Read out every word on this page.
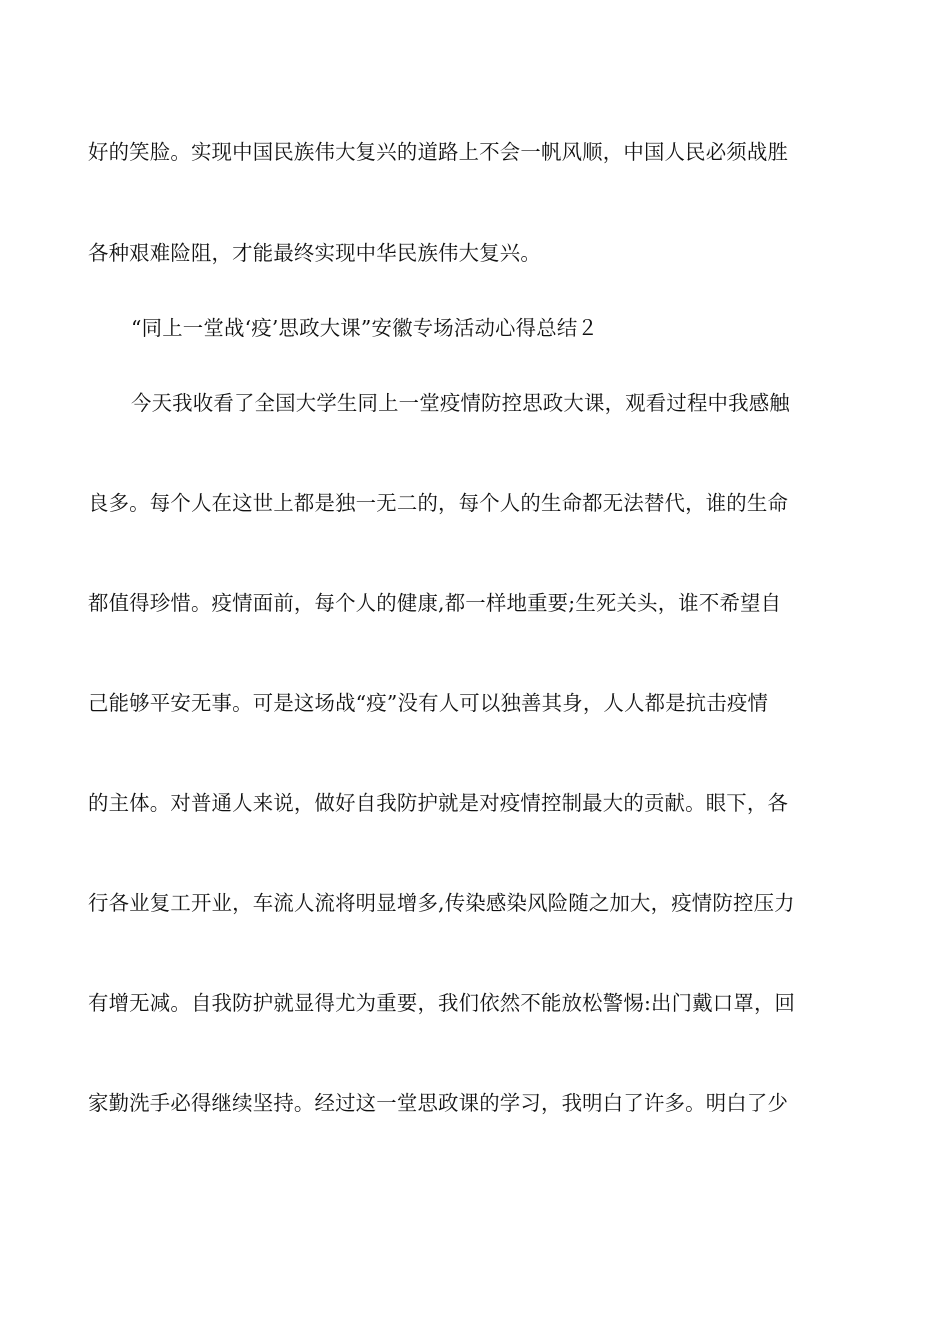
好的笑脸。实现中国民族伟大复兴的道路上不会一帆风顺，中国人民必须战胜
各种艰难险阻，才能最终实现中华民族伟大复兴。
“同上一堂战‘疫’思政大课”安徽专场活动心得总结２
今天我收看了全国大学生同上一堂疫情防控思政大课，观看过程中我感触
良多。每个人在这世上都是独一无二的，每个人的生命都无法替代，谁的生命
都值得珍惜。疫情面前，每个人的健康,都一样地重要;生死关头，谁不希望自
己能够平安无事。可是这场战“疫”没有人可以独善其身，人人都是抗击疫情
的主体。对普通人来说，做好自我防护就是对疫情控制最大的贡献。眼下，各
行各业复工开业，车流人流将明显增多,传染感染风险随之加大，疫情防控压力
有增无减。自我防护就显得尤为重要，我们依然不能放松警惕:出门戴口罩，回
家勤洗手必得继续坚持。经过这一堂思政课的学习，我明白了许多。明白了少
